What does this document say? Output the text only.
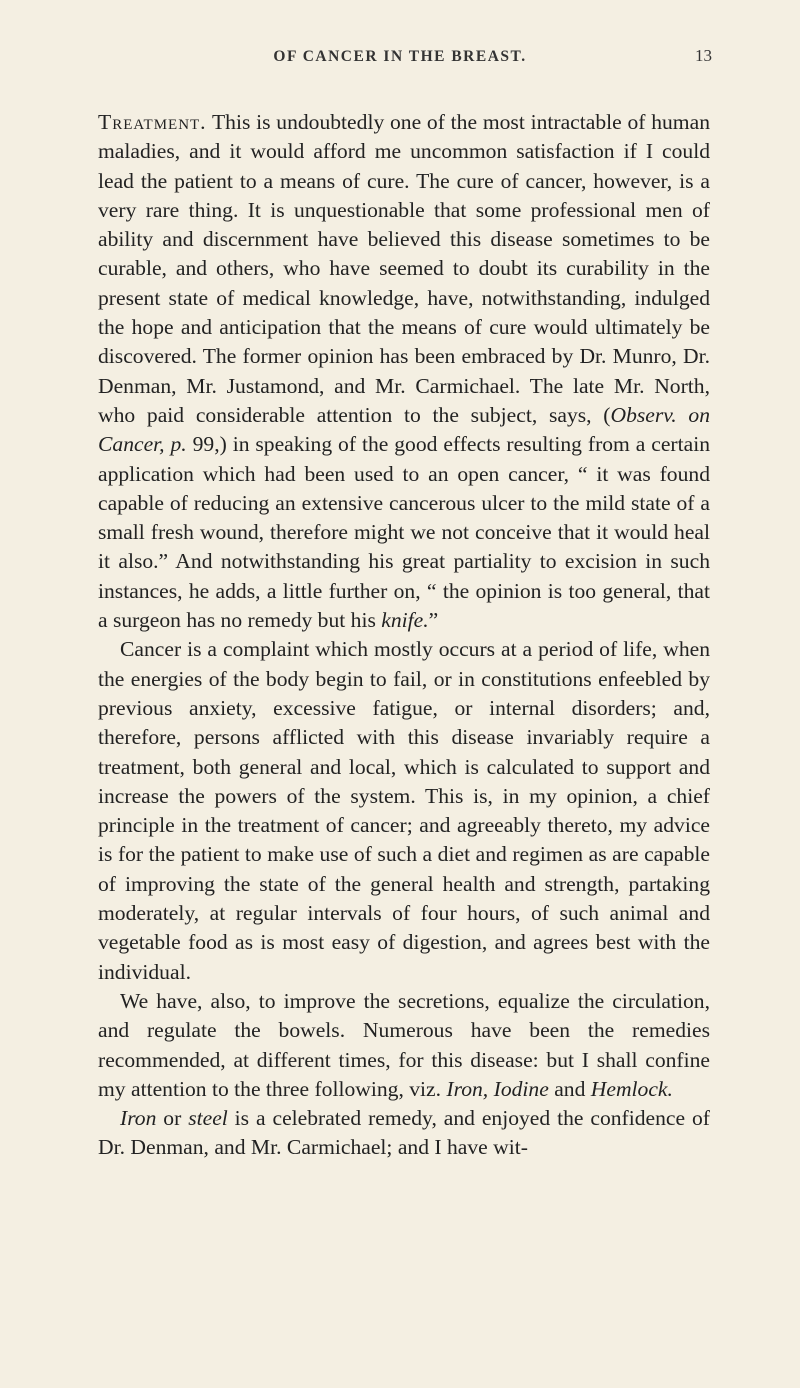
OF CANCER IN THE BREAST.	13

Treatment. This is undoubtedly one of the most intractable of human maladies, and it would afford me uncommon satisfaction if I could lead the patient to a means of cure. The cure of cancer, however, is a very rare thing. It is unquestionable that some professional men of ability and discernment have believed this disease sometimes to be curable, and others, who have seemed to doubt its curability in the present state of medical knowledge, have, notwithstanding, indulged the hope and anticipation that the means of cure would ultimately be discovered. The former opinion has been embraced by Dr. Munro, Dr. Denman, Mr. Justamond, and Mr. Carmichael. The late Mr. North, who paid considerable attention to the subject, says, (Observ. on Cancer, p. 99,) in speaking of the good effects resulting from a certain application which had been used to an open cancer, “ it was found capable of reducing an extensive cancerous ulcer to the mild state of a small fresh wound, therefore might we not conceive that it would heal it also.” And notwithstanding his great partiality to excision in such instances, he adds, a little further on, “ the opinion is too general, that a surgeon has no remedy but his knife.”

Cancer is a complaint which mostly occurs at a period of life, when the energies of the body begin to fail, or in constitutions enfeebled by previous anxiety, excessive fatigue, or internal disorders; and, therefore, persons afflicted with this disease invariably require a treatment, both general and local, which is calculated to support and increase the powers of the system. This is, in my opinion, a chief principle in the treatment of cancer; and agreeably thereto, my advice is for the patient to make use of such a diet and regimen as are capable of improving the state of the general health and strength, partaking moderately, at regular intervals of four hours, of such animal and vegetable food as is most easy of digestion, and agrees best with the individual.

We have, also, to improve the secretions, equalize the circulation, and regulate the bowels. Numerous have been the remedies recommended, at different times, for this disease: but I shall confine my attention to the three following, viz. Iron, Iodine and Hemlock.

Iron or steel is a celebrated remedy, and enjoyed the confidence of Dr. Denman, and Mr. Carmichael; and I have wit-
